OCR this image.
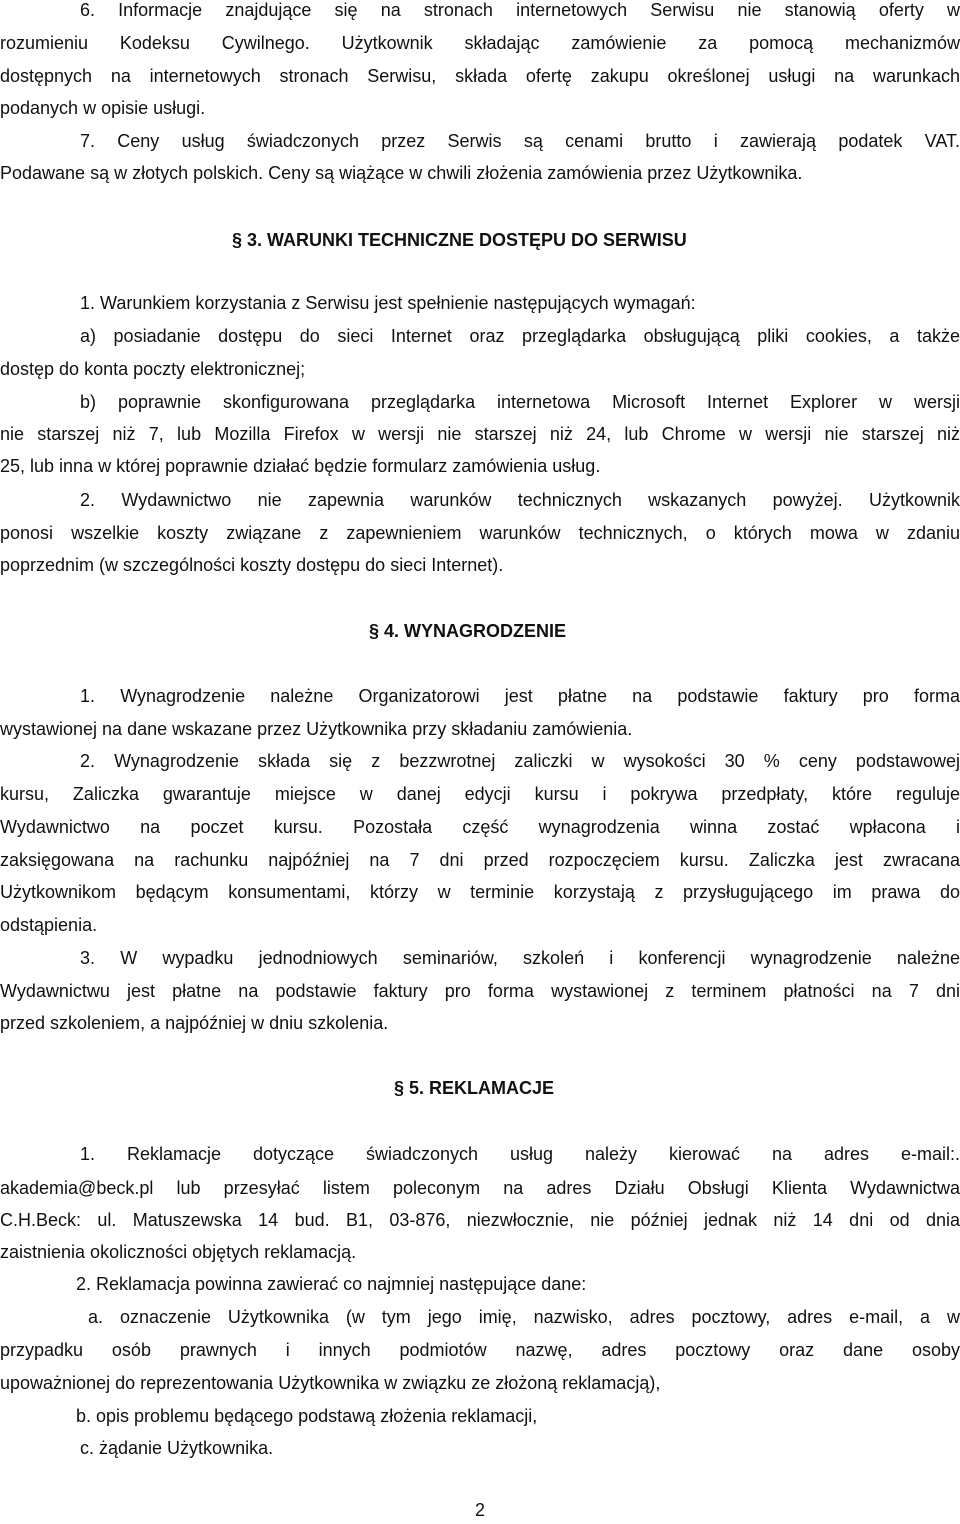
6. Informacje znajdujące się na stronach internetowych Serwisu nie stanowią oferty w
rozumieniu Kodeksu Cywilnego. Użytkownik składając zamówienie za pomocą mechanizmów
dostępnych na internetowych stronach Serwisu, składa ofertę zakupu określonej usługi na warunkach
podanych w opisie usługi.
7. Ceny usług świadczonych przez Serwis są cenami brutto i zawierają podatek VAT.
Podawane są w złotych polskich. Ceny są wiążące w chwili złożenia zamówienia przez Użytkownika.
§ 3. WARUNKI TECHNICZNE DOSTĘPU DO SERWISU
1. Warunkiem korzystania z Serwisu jest spełnienie następujących wymagań:
a) posiadanie dostępu do sieci Internet oraz przeglądarka obsługującą pliki cookies, a także
dostęp do konta poczty elektronicznej;
b) poprawnie skonfigurowana przeglądarka internetowa Microsoft Internet Explorer w wersji
nie starszej niż 7, lub Mozilla Firefox w wersji nie starszej niż 24, lub Chrome w wersji nie starszej niż
25, lub inna w której poprawnie działać będzie formularz zamówienia usług.
2. Wydawnictwo nie zapewnia warunków technicznych wskazanych powyżej. Użytkownik
ponosi wszelkie koszty związane z zapewnieniem warunków technicznych, o których mowa w zdaniu
poprzednim (w szczególności koszty dostępu do sieci Internet).
§ 4. WYNAGRODZENIE
1. Wynagrodzenie należne Organizatorowi jest płatne na podstawie faktury pro forma
wystawionej na dane wskazane przez Użytkownika przy składaniu zamówienia.
2. Wynagrodzenie składa się z bezzwrotnej zaliczki w wysokości 30 % ceny podstawowej
kursu, Zaliczka gwarantuje miejsce w danej edycji kursu i pokrywa przedpłaty, które reguluje
Wydawnictwo na poczet kursu. Pozostała część wynagrodzenia winna zostać wpłacona i
zaksięgowana na rachunku najpóźniej na 7 dni przed rozpoczęciem kursu. Zaliczka jest zwracana
Użytkownikom będącym konsumentami, którzy w terminie korzystają z przysługującego im prawa do
odstąpienia.
3. W wypadku jednodniowych seminariów, szkoleń i konferencji wynagrodzenie należne
Wydawnictwu jest płatne na podstawie faktury pro forma wystawionej z terminem płatności na 7 dni
przed szkoleniem, a najpóźniej w dniu szkolenia.
§ 5. REKLAMACJE
1. Reklamacje dotyczące świadczonych usług należy kierować na adres e-mail:.
akademia@beck.pl lub przesyłać listem poleconym na adres Działu Obsługi Klienta Wydawnictwa
C.H.Beck: ul. Matuszewska 14 bud. B1, 03-876, niezwłocznie, nie później jednak niż 14 dni od dnia
zaistnienia okoliczności objętych reklamacją.
2. Reklamacja powinna zawierać co najmniej następujące dane:
a. oznaczenie Użytkownika (w tym jego imię, nazwisko, adres pocztowy, adres e-mail, a w
przypadku osób prawnych i innych podmiotów nazwę, adres pocztowy oraz dane osoby
upoważnionej do reprezentowania Użytkownika w związku ze złożoną reklamacją),
b. opis problemu będącego podstawą złożenia reklamacji,
c. żądanie Użytkownika.
2
